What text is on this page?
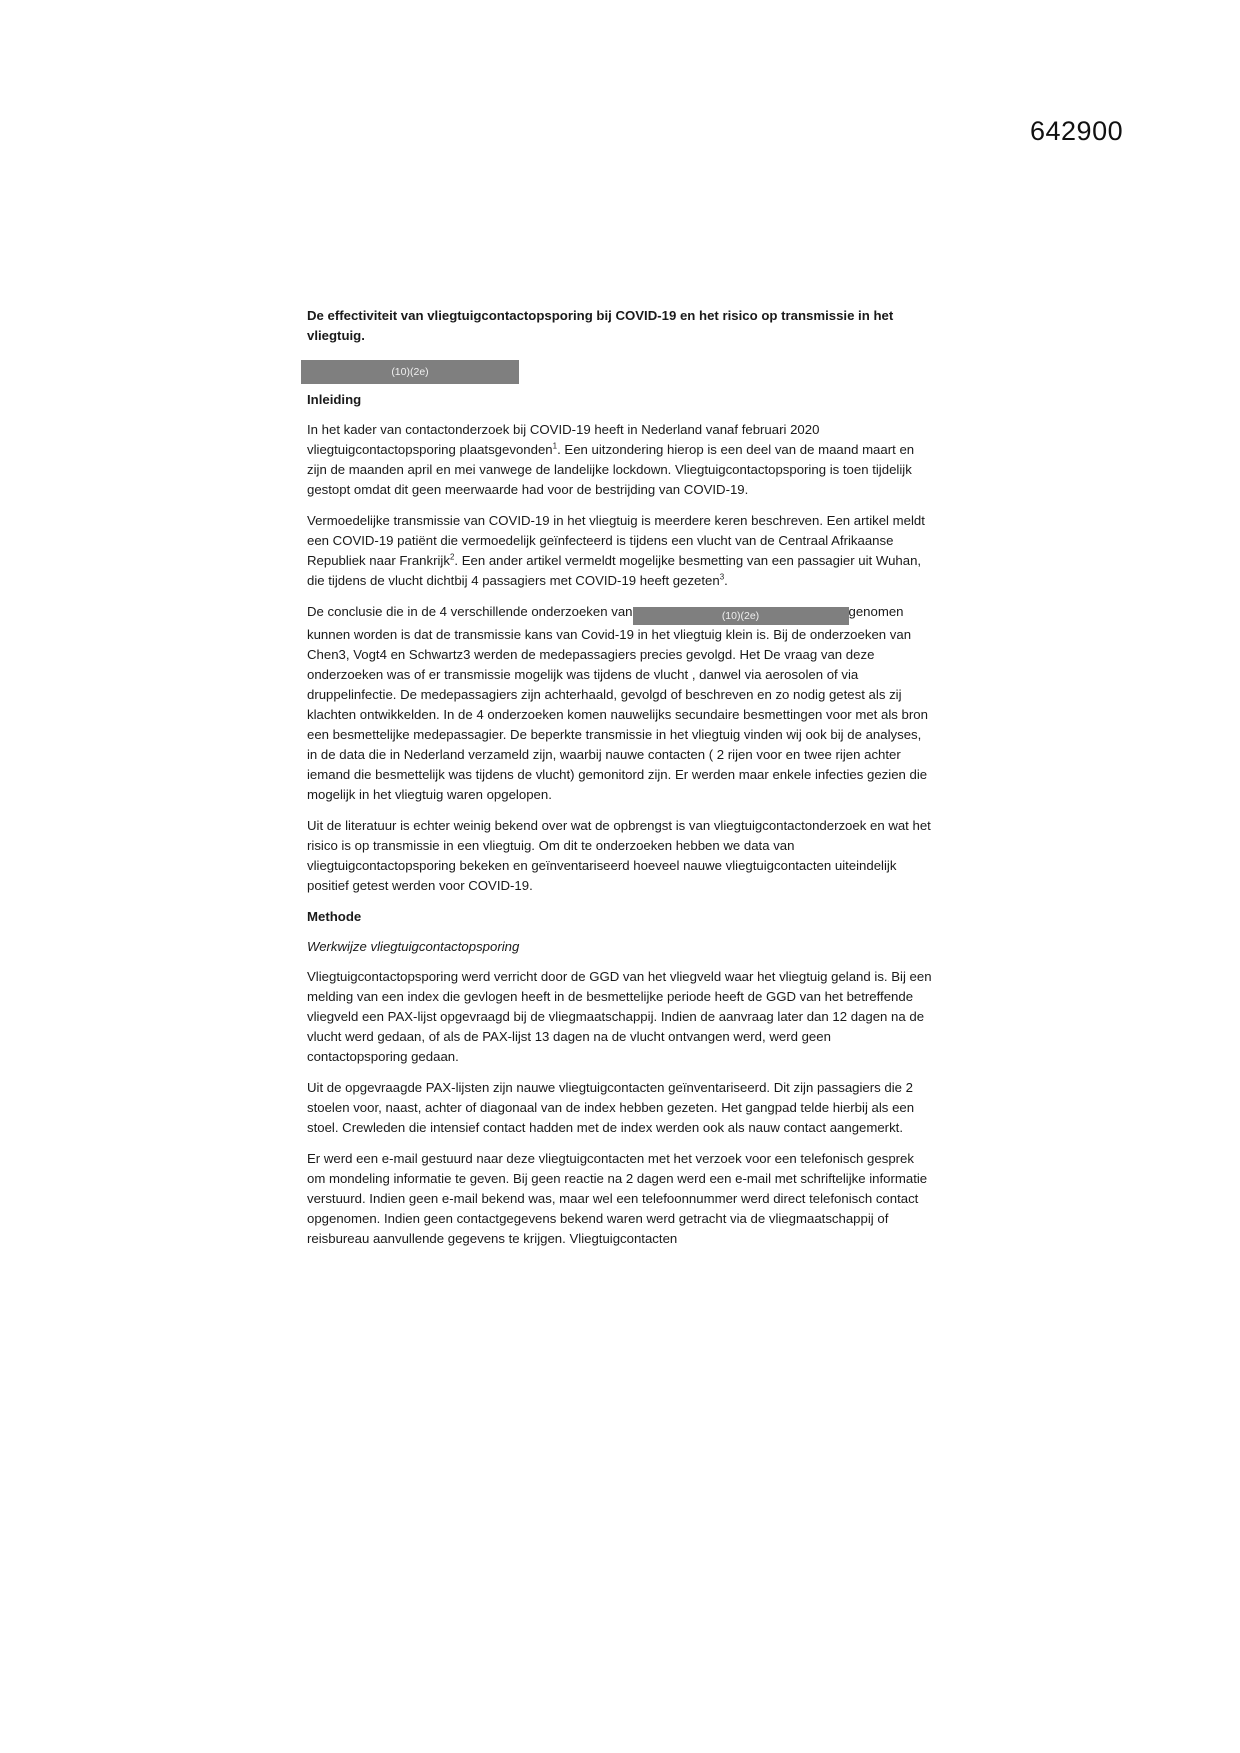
642900
De effectiviteit van vliegtuigcontactopsporing bij COVID-19 en het risico op transmissie in het vliegtuig.
(10)(2e)
Inleiding

In het kader van contactonderzoek bij COVID-19 heeft in Nederland vanaf februari 2020 vliegtuigcontactopsporing plaatsgevonden$^1$. Een uitzondering hierop is een deel van de maand maart en zijn de maanden april en mei vanwege de landelijke lockdown. Vliegtuigcontactopsporing is toen tijdelijk gestopt omdat dit geen meerwaarde had voor de bestrijding van COVID-19.

Vermoedelijke transmissie van COVID-19 in het vliegtuig is meerdere keren beschreven. Een artikel meldt een COVID-19 patiënt die vermoedelijk geïnfecteerd is tijdens een vlucht van de Centraal Afrikaanse Republiek naar Frankrijk$^2$. Een ander artikel vermeldt mogelijke besmetting van een passagier uit Wuhan, die tijdens de vlucht dichtbij 4 passagiers met COVID-19 heeft gezeten$^3$.

De conclusie die in de 4 verschillende onderzoeken van	(10)(2e)	genomen kunnen worden is dat de transmissie kans van Covid-19 in het vliegtuig klein is. Bij de onderzoeken van Chen3, Vogt4 en Schwartz3 werden de medepassagiers precies gevolgd. Het De vraag van deze onderzoeken was of er transmissie mogelijk was tijdens de vlucht , danwel via aerosolen of via druppelinfectie. De medepassagiers zijn achterhaald, gevolgd of beschreven en zo nodig getest als zij klachten ontwikkelden. In de 4 onderzoeken komen nauwelijks secundaire besmettingen voor met als bron een besmettelijke medepassagier. De beperkte transmissie in het vliegtuig vinden wij ook bij de analyses, in de data die in Nederland verzameld zijn, waarbij nauwe contacten ( 2 rijen voor en twee rijen achter iemand die besmettelijk was tijdens de vlucht) gemonitord zijn. Er werden maar enkele infecties gezien die mogelijk in het vliegtuig waren opgelopen.

Uit de literatuur is echter weinig bekend over wat de opbrengst is van vliegtuigcontactonderzoek en wat het risico is op transmissie in een vliegtuig. Om dit te onderzoeken hebben we data van vliegtuigcontactopsporing bekeken en geïnventariseerd hoeveel nauwe vliegtuigcontacten uiteindelijk positief getest werden voor COVID-19.

Methode
Werkwijze vliegtuigcontactopsporing

Vliegtuigcontactopsporing werd verricht door de GGD van het vliegveld waar het vliegtuig geland is. Bij een melding van een index die gevlogen heeft in de besmettelijke periode heeft de GGD van het betreffende vliegveld een PAX-lijst opgevraagd bij de vliegmaatschappij. Indien de aanvraag later dan 12 dagen na de vlucht werd gedaan, of als de PAX-lijst 13 dagen na de vlucht ontvangen werd, werd geen contactopsporing gedaan.

Uit de opgevraagde PAX-lijsten zijn nauwe vliegtuigcontacten geïnventariseerd. Dit zijn passagiers die 2 stoelen voor, naast, achter of diagonaal van de index hebben gezeten. Het gangpad telde hierbij als een stoel. Crewleden die intensief contact hadden met de index werden ook als nauw contact aangemerkt.

Er werd een e-mail gestuurd naar deze vliegtuigcontacten met het verzoek voor een telefonisch gesprek om mondeling informatie te geven. Bij geen reactie na 2 dagen werd een e-mail met schriftelijke informatie verstuurd. Indien geen e-mail bekend was, maar wel een telefoonnummer werd direct telefonisch contact opgenomen. Indien geen contactgegevens bekend waren werd getracht via de vliegmaatschappij of reisbureau aanvullende gegevens te krijgen. Vliegtuigcontacten
